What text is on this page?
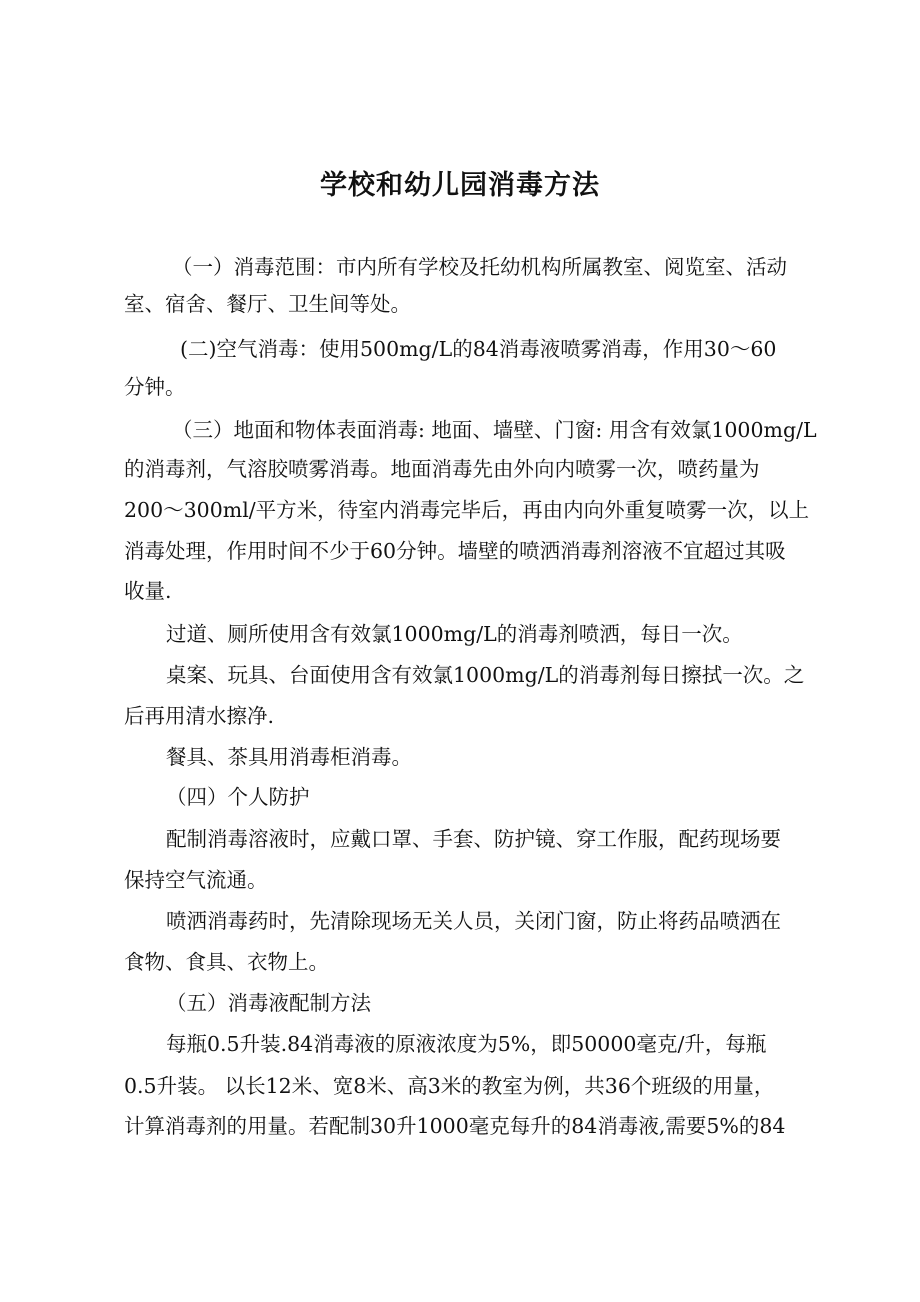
学校和幼儿园消毒方法
（一）消毒范围：市内所有学校及托幼机构所属教室、阅览室、活动
室、宿舍、餐厅、卫生间等处。
(二)空气消毒：使用500mg/L的84消毒液喷雾消毒，作用30～60
分钟。
（三）地面和物体表面消毒: 地面、墙壁、门窗: 用含有效氯1000mg/L
的消毒剂，气溶胶喷雾消毒。地面消毒先由外向内喷雾一次，喷药量为
200～300ml/平方米，待室内消毒完毕后，再由内向外重复喷雾一次，以上
消毒处理，作用时间不少于60分钟。墙壁的喷洒消毒剂溶液不宜超过其吸
收量.
过道、厕所使用含有效氯1000mg/L的消毒剂喷洒，每日一次。
桌案、玩具、台面使用含有效氯1000mg/L的消毒剂每日擦拭一次。之
后再用清水擦净.
餐具、茶具用消毒柜消毒。
（四）个人防护
配制消毒溶液时，应戴口罩、手套、防护镜、穿工作服，配药现场要
保持空气流通。
喷洒消毒药时，先清除现场无关人员，关闭门窗，防止将药品喷洒在
食物、食具、衣物上。
（五）消毒液配制方法
每瓶0.5升装.84消毒液的原液浓度为5%，即50000毫克/升，每瓶
0.5升装。 以长12米、宽8米、高3米的教室为例，共36个班级的用量，
计算消毒剂的用量。若配制30升1000毫克每升的84消毒液,需要5%的84
